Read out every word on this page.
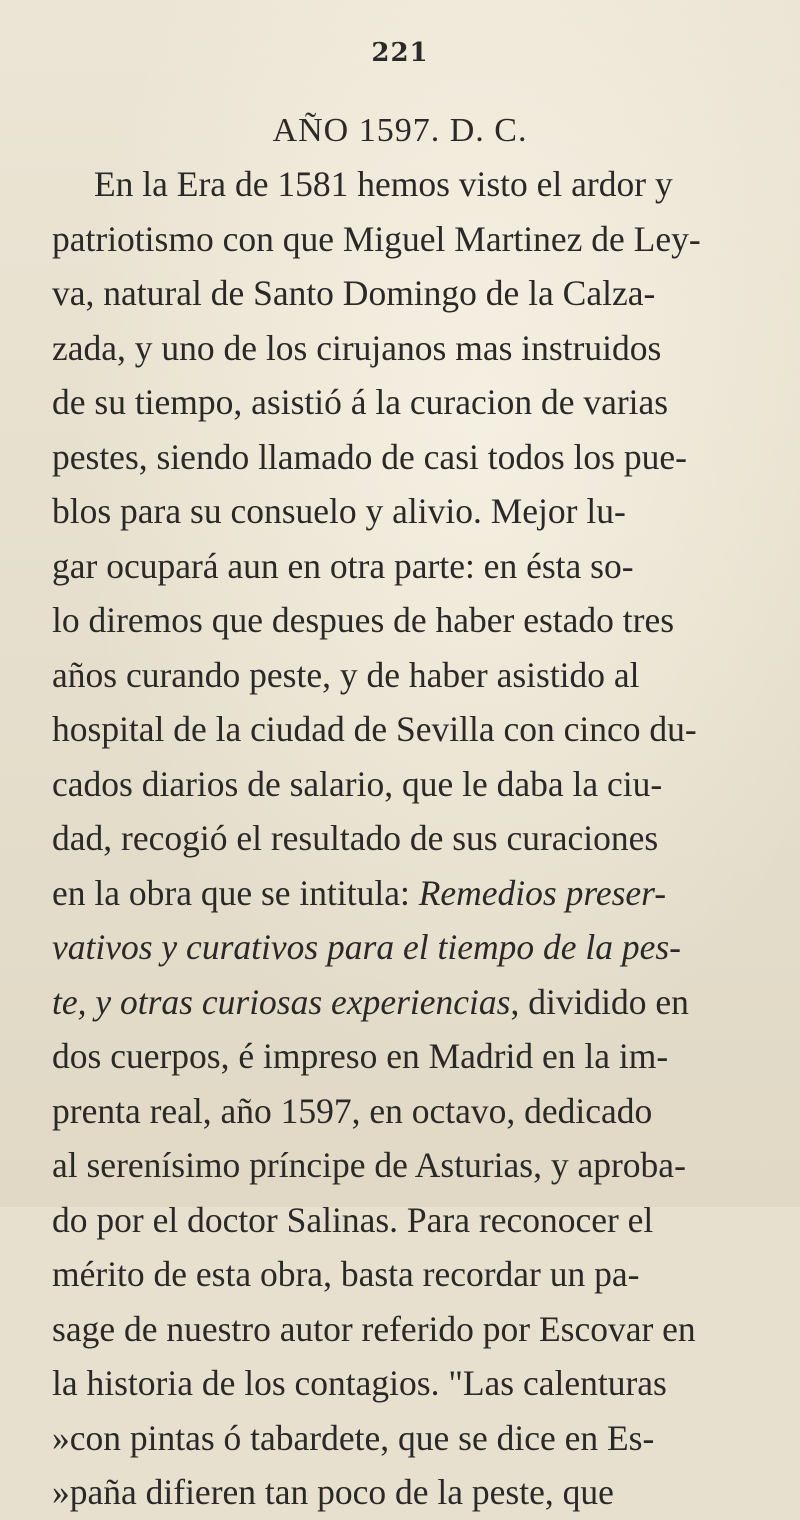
221
AÑO 1597. D. C.
En la Era de 1581 hemos visto el ardor y
patriotismo con que Miguel Martinez de Ley-
va, natural de Santo Domingo de la Calza-
zada, y uno de los cirujanos mas instruidos
de su tiempo, asistió á la curacion de varias
pestes, siendo llamado de casi todos los pue-
blos para su consuelo y alivio. Mejor lu-
gar ocupará aun en otra parte: en ésta so-
lo diremos que despues de haber estado tres
años curando peste, y de haber asistido al
hospital de la ciudad de Sevilla con cinco du-
cados diarios de salario, que le daba la ciu-
dad, recogió el resultado de sus curaciones
en la obra que se intitula: Remedios preser-
vativos y curativos para el tiempo de la pes-
te, y otras curiosas experiencias, dividido en
dos cuerpos, é impreso en Madrid en la im-
prenta real, año 1597, en octavo, dedicado
al serenísimo príncipe de Asturias, y aproba-
do por el doctor Salinas. Para reconocer el
mérito de esta obra, basta recordar un pa-
sage de nuestro autor referido por Escovar en
la historia de los contagios. "Las calenturas
»con pintas ó tabardete, que se dice en Es-
»paña difieren tan poco de la peste, que
